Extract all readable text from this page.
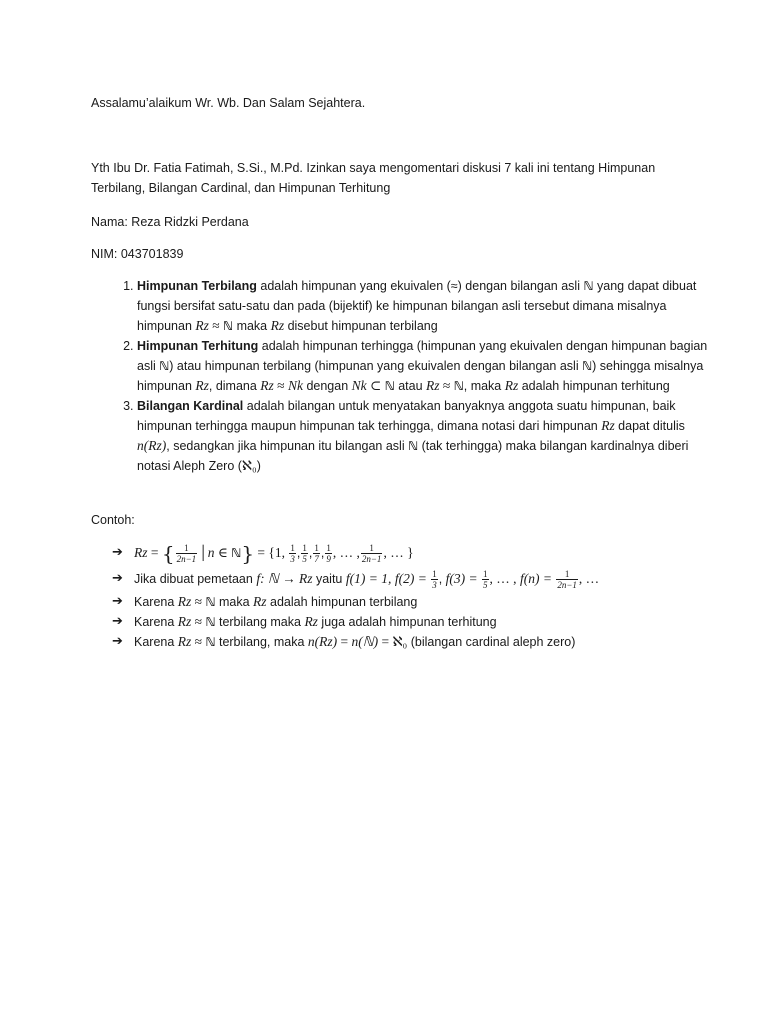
Assalamu’alaikum Wr. Wb. Dan Salam Sejahtera.

Yth Ibu Dr. Fatia Fatimah, S.Si., M.Pd. Izinkan saya mengomentari diskusi 7 kali ini tentang Himpunan Terbilang, Bilangan Cardinal, dan Himpunan Terhitung

Nama: Reza Ridzki Perdana

NIM: 043701839

1. Himpunan Terbilang adalah himpunan yang ekuivalen (≈) dengan bilangan asli ℕ yang dapat dibuat fungsi bersifat satu-satu dan pada (bijektif) ke himpunan bilangan asli tersebut dimana misalnya himpunan Rz ≈ ℕ maka Rz disebut himpunan terbilang
2. Himpunan Terhitung adalah himpunan terhingga (himpunan yang ekuivalen dengan himpunan bagian asli ℕ) atau himpunan terbilang (himpunan yang ekuivalen dengan bilangan asli ℕ) sehingga misalnya himpunan Rz, dimana Rz ≈ Nk dengan Nk ⊂ ℕ atau Rz ≈ ℕ, maka Rz adalah himpunan terhitung
3. Bilangan Kardinal adalah bilangan untuk menyatakan banyaknya anggota suatu himpunan, baik himpunan terhingga maupun himpunan tak terhingga, dimana notasi dari himpunan Rz dapat ditulis n(Rz), sedangkan jika himpunan itu bilangan asli ℕ (tak terhingga) maka bilangan kardinalnya diberi notasi Aleph Zero (ℵ₀)

Contoh:

➔ Rz = { $\frac{1}{2n-1}$ │n ∈ ℕ} = {1, $\frac{1}{3}$ , $\frac{1}{5}$ , $\frac{1}{7}$ , $\frac{1}{9}$ , … , $\frac{1}{2n-1}$ , … }
➔ Jika dibuat pemetaan f: ℕ → Rz yaitu f(1) = 1, $f(2) = \frac{1}{3}$ , $f(3) = \frac{1}{5}$ , … , $f(n) = \frac{1}{2n-1}$ , …
➔ Karena Rz ≈ ℕ maka Rz adalah himpunan terbilang
➔ Karena Rz ≈ ℕ terbilang maka Rz juga adalah himpunan terhitung
➔ Karena Rz ≈ ℕ terbilang, maka n(Rz) = n(ℕ) = ℵ₀ (bilangan cardinal aleph zero)
